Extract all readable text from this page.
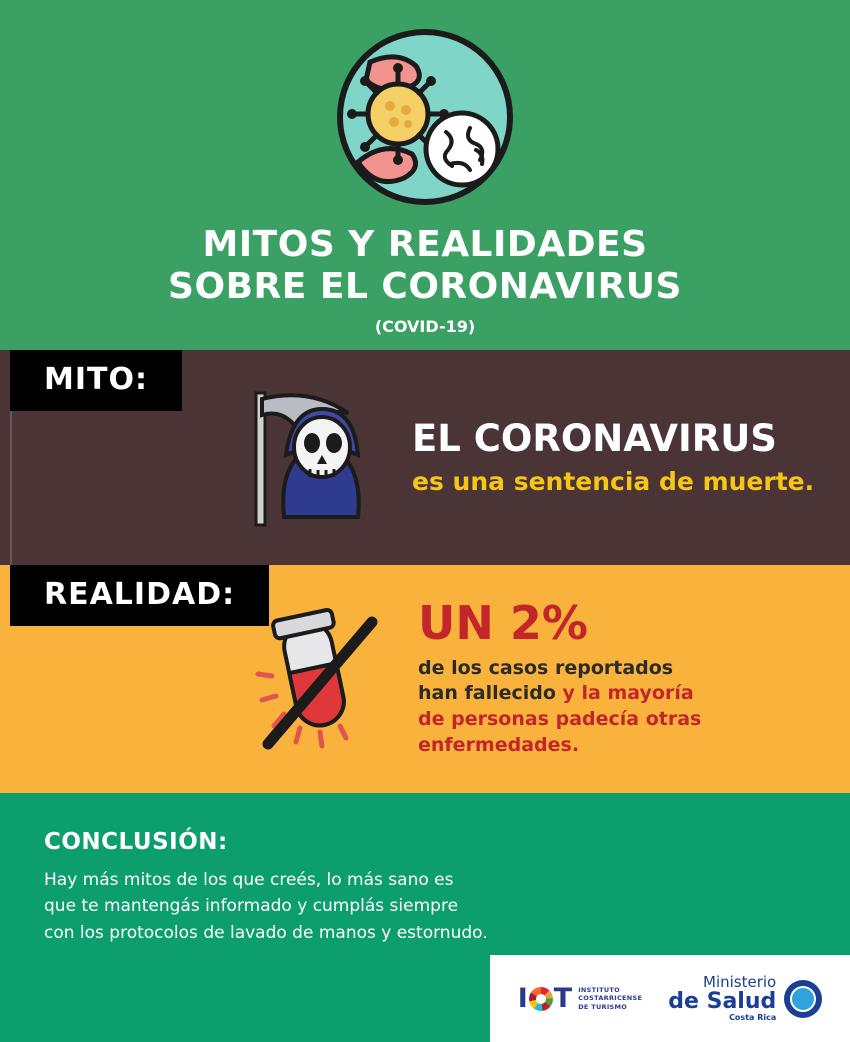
MITOS Y REALIDADES
SOBRE EL CORONAVIRUS
(COVID-19)
MITO:
EL CORONAVIRUS
es una sentencia de muerte.
REALIDAD:
UN 2%
de los casos reportados
han fallecido y la mayoría
de personas padecía otras
enfermedades.
CONCLUSIÓN:
Hay más mitos de los que creés, lo más sano es
que te mantengás informado y cumplás siempre
con los protocolos de lavado de manos y estornudo.
I T INSTITUTO
COSTARRICENSE
DE TURISMO
Ministerio
de Salud
Costa Rica
